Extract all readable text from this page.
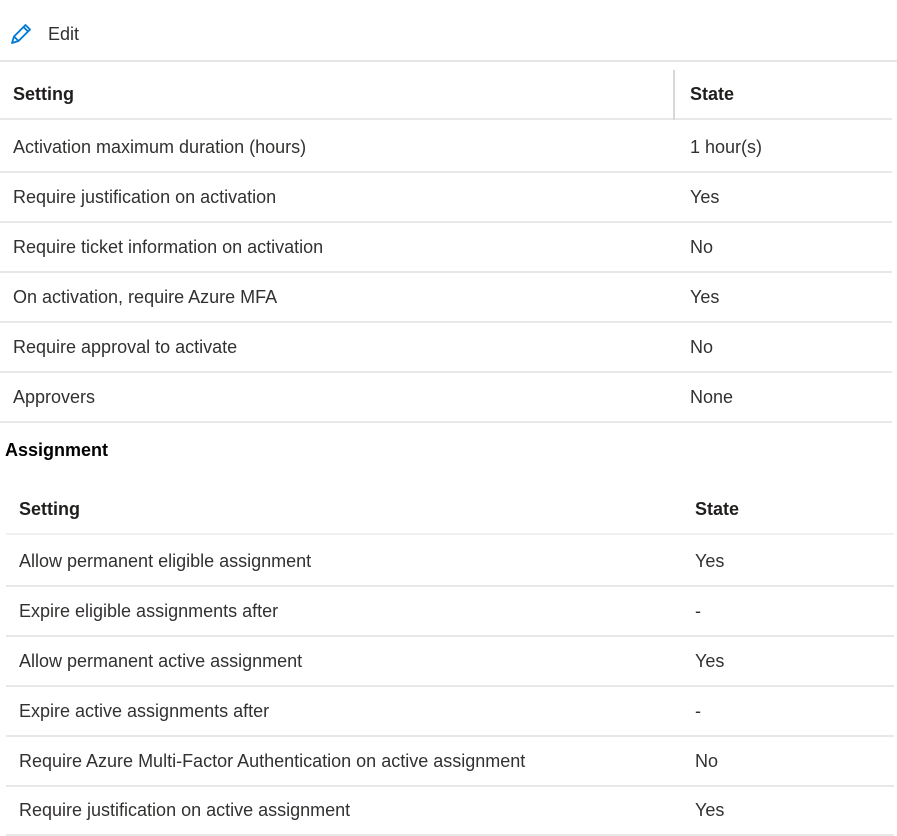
Edit
Setting	State
Activation maximum duration (hours)	1 hour(s)
Require justification on activation	Yes
Require ticket information on activation	No
On activation, require Azure MFA	Yes
Require approval to activate	No
Approvers	None
Assignment
Setting	State
Allow permanent eligible assignment	Yes
Expire eligible assignments after	-
Allow permanent active assignment	Yes
Expire active assignments after	-
Require Azure Multi-Factor Authentication on active assignment	No
Require justification on active assignment	Yes
